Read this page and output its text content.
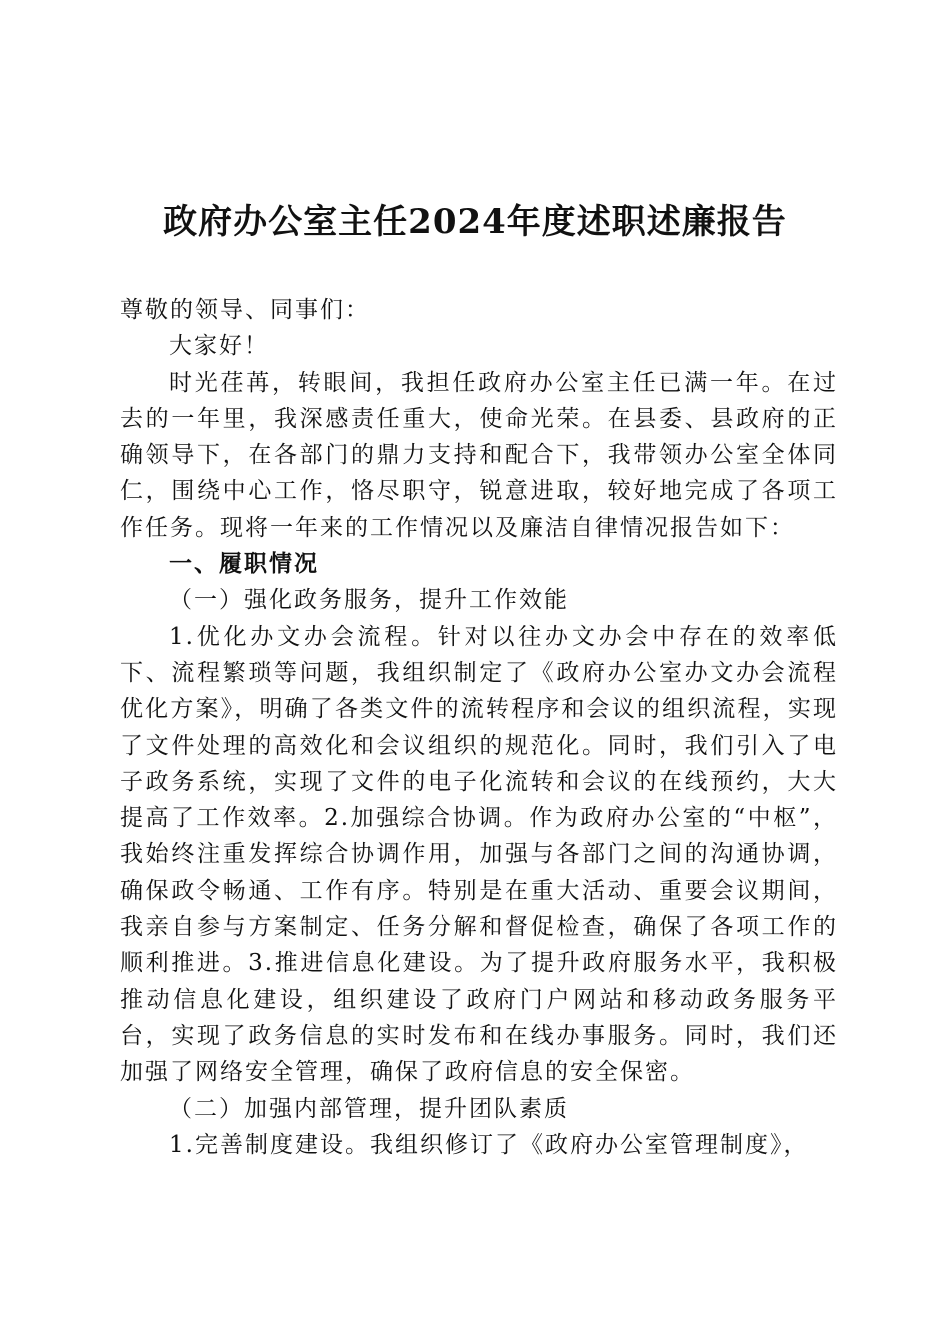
政府办公室主任2024年度述职述廉报告

尊敬的领导、同事们：

大家好！

时光荏苒，转眼间，我担任政府办公室主任已满一年。在过去的一年里，我深感责任重大，使命光荣。在县委、县政府的正确领导下，在各部门的鼎力支持和配合下，我带领办公室全体同仁，围绕中心工作，恪尽职守，锐意进取，较好地完成了各项工作任务。现将一年来的工作情况以及廉洁自律情况报告如下：

一、履职情况

（一）强化政务服务，提升工作效能

1.优化办文办会流程。针对以往办文办会中存在的效率低下、流程繁琐等问题，我组织制定了《政府办公室办文办会流程优化方案》，明确了各类文件的流转程序和会议的组织流程，实现了文件处理的高效化和会议组织的规范化。同时，我们引入了电子政务系统，实现了文件的电子化流转和会议的在线预约，大大提高了工作效率。2.加强综合协调。作为政府办公室的“中枢”，我始终注重发挥综合协调作用，加强与各部门之间的沟通协调，确保政令畅通、工作有序。特别是在重大活动、重要会议期间，我亲自参与方案制定、任务分解和督促检查，确保了各项工作的顺利推进。3.推进信息化建设。为了提升政府服务水平，我积极推动信息化建设，组织建设了政府门户网站和移动政务服务平台，实现了政务信息的实时发布和在线办事服务。同时，我们还加强了网络安全管理，确保了政府信息的安全保密。

（二）加强内部管理，提升团队素质

1.完善制度建设。我组织修订了《政府办公室管理制度》，
